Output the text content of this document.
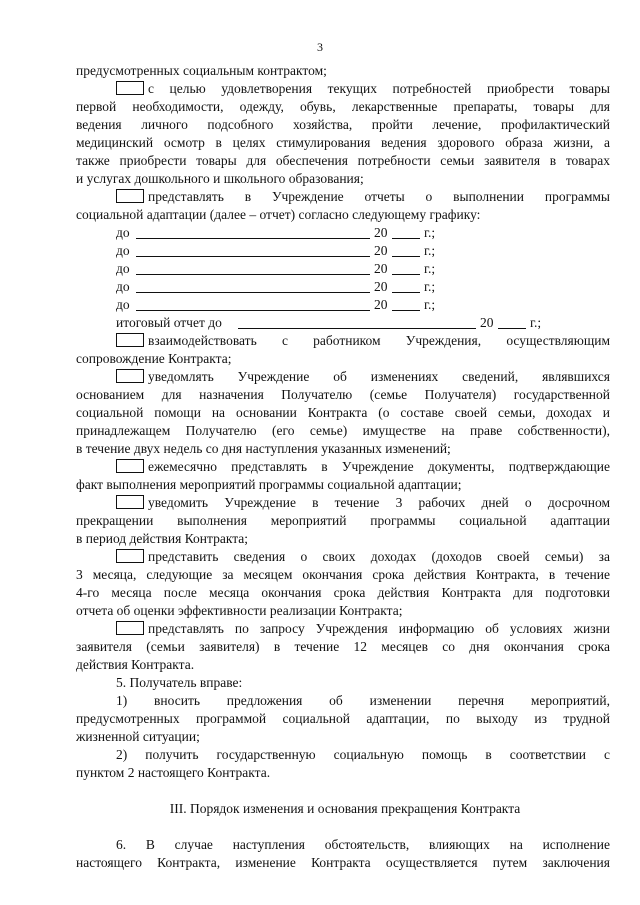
3
предусмотренных социальным контрактом;
с целью удовлетворения текущих потребностей приобрести товары
первой необходимости, одежду, обувь, лекарственные препараты, товары для
ведения личного подсобного хозяйства, пройти лечение, профилактический
медицинский осмотр в целях стимулирования ведения здорового образа жизни, а
также приобрести товары для обеспечения потребности семьи заявителя в товарах
и услугах дошкольного и школьного образования;
представлять в Учреждение отчеты о выполнении программы
социальной адаптации (далее – отчет) согласно следующему графику:
до	20	г.;
до	20	г.;
до	20	г.;
до	20	г.;
до	20	г.;
итоговый отчет до	20	г.;
взаимодействовать с работником Учреждения, осуществляющим
сопровождение Контракта;
уведомлять Учреждение об изменениях сведений, являвшихся
основанием для назначения Получателю (семье Получателя) государственной
социальной помощи на основании Контракта (о составе своей семьи, доходах и
принадлежащем Получателю (его семье) имуществе на праве собственности),
в течение двух недель со дня наступления указанных изменений;
ежемесячно представлять в Учреждение документы, подтверждающие
факт выполнения мероприятий программы социальной адаптации;
уведомить Учреждение в течение 3 рабочих дней о досрочном
прекращении выполнения мероприятий программы социальной адаптации
в период действия Контракта;
представить сведения о своих доходах (доходов своей семьи) за
3 месяца, следующие за месяцем окончания срока действия Контракта, в течение
4-го месяца после месяца окончания срока действия Контракта для подготовки
отчета об оценки эффективности реализации Контракта;
представлять по запросу Учреждения информацию об условиях жизни
заявителя (семьи заявителя) в течение 12 месяцев со дня окончания срока
действия Контракта.
5. Получатель вправе:
1) вносить предложения об изменении перечня мероприятий,
предусмотренных программой социальной адаптации, по выходу из трудной
жизненной ситуации;
2) получить государственную социальную помощь в соответствии с
пунктом 2 настоящего Контракта.
III. Порядок изменения и основания прекращения Контракта
6. В случае наступления обстоятельств, влияющих на исполнение
настоящего Контракта, изменение Контракта осуществляется путем заключения
